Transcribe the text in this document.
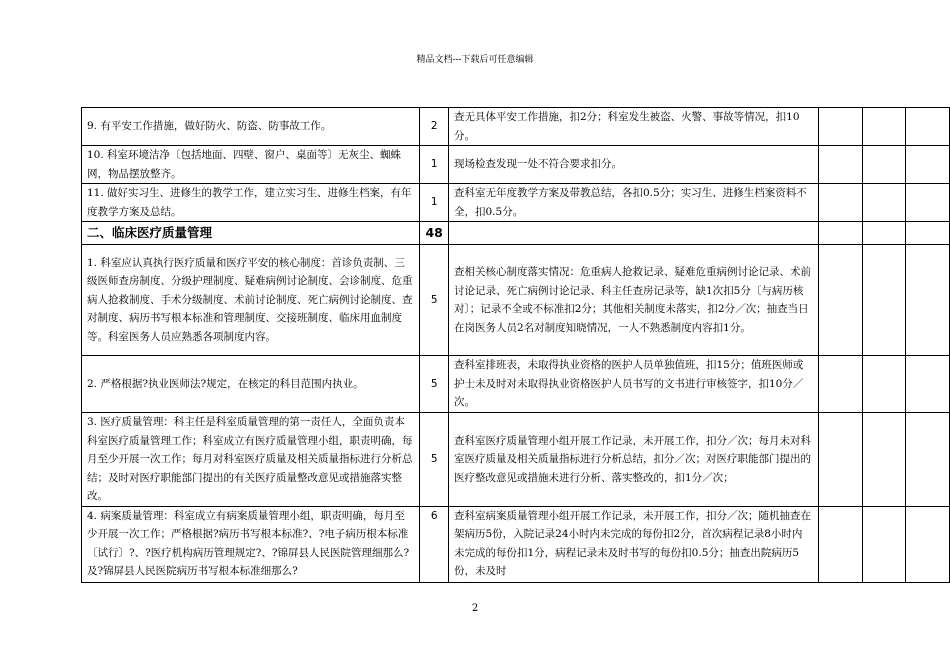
精品文档---下载后可任意编辑
9. 有平安工作措施，做好防火、防盗、防事故工作。	2	查无具体平安工作措施，扣2分；科室发生被盗、火警、事故等情况，扣10分。			
10. 科室环境洁净〔包括地面、四壁、窗户、桌面等〕无灰尘、蜘蛛网，物品摆放整齐。	1	现场检查发现一处不符合要求扣分。			
11. 做好实习生、进修生的教学工作，建立实习生、进修生档案，有年度教学方案及总结。	1	查科室无年度教学方案及带教总结，各扣0.5分；实习生、进修生档案资料不全，扣0.5分。			
二、临床医疗质量管理	48				
1. 科室应认真执行医疗质量和医疗平安的核心制度：首诊负责制、三级医师查房制度、分级护理制度、疑难病例讨论制度、会诊制度、危重病人抢救制度、手术分级制度、术前讨论制度、死亡病例讨论制度、查对制度、病历书写根本标准和管理制度、交接班制度、临床用血制度等。科室医务人员应熟悉各项制度内容。	5	查相关核心制度落实情况：危重病人抢救记录、疑难危重病例讨论记录、术前讨论记录、死亡病例讨论记录、科主任查房记录等，缺1次扣5分〔与病历核对〕；记录不全或不标准扣2分；其他相关制度未落实，扣2分／次；抽查当日在岗医务人员2名对制度知晓情况，一人不熟悉制度内容扣1分。			
2. 严格根据?执业医师法?规定，在核定的科目范围内执业。	5	查科室排班表，未取得执业资格的医护人员单独值班，扣15分；值班医师或护士未及时对未取得执业资格医护人员书写的文书进行审核签字，扣10分／次。			
3. 医疗质量管理：科主任是科室质量管理的第一责任人，全面负责本科室医疗质量管理工作；科室成立有医疗质量管理小组，职责明确，每月至少开展一次工作；每月对科室医疗质量及相关质量指标进行分析总结；及时对医疗职能部门提出的有关医疗质量整改意见或措施落实整改。	5	查科室医疗质量管理小组开展工作记录，未开展工作，扣分／次；每月未对科室医疗质量及相关质量指标进行分析总结，扣分／次；对医疗职能部门提出的医疗整改意见或措施未进行分析、落实整改的，扣1分／次；			

4. 病案质量管理：科室成立有病案质量管理小组，职责明确，每月至少开展一次工作；严格根据?病历书写根本标准?、?电子病历根本标准〔试行〕?、?医疗机构病历管理规定?、?锦屏县人民医院管理细那么?及?锦屏县人民医院病历书写根本标准细那么?	6	查科室病案质量管理小组开展工作记录，未开展工作，扣分／次；随机抽查在架病历5份，入院记录24小时内未完成的每份扣2分，首次病程记录8小时内未完成的每份扣1分，病程记录未及时书写的每份扣0.5分；抽查出院病历5份，未及时			

2
